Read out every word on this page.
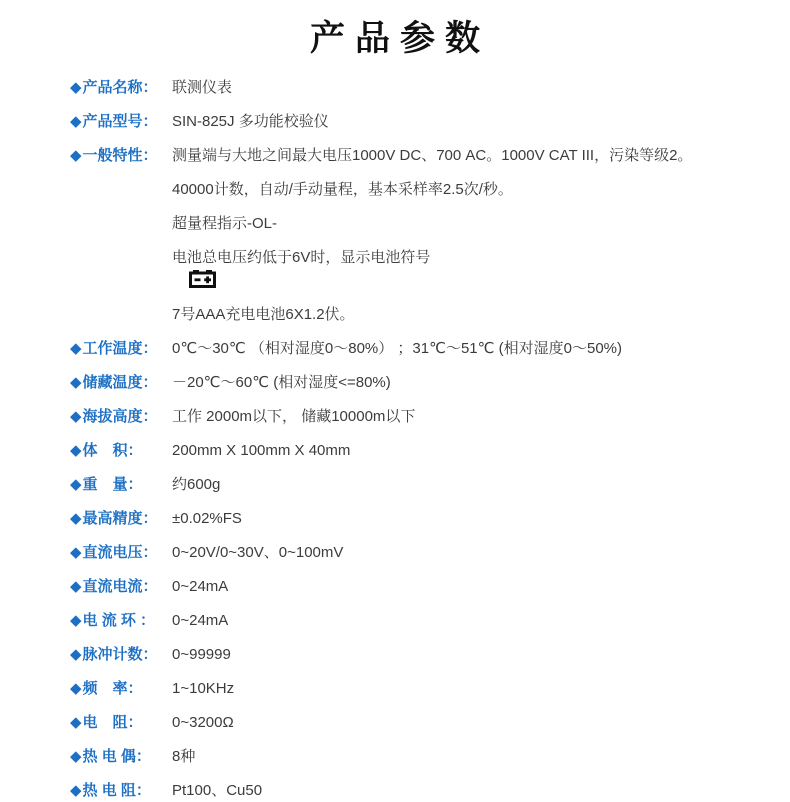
产品参数
◆ 产品名称： 联测仪表
◆ 产品型号： SIN-825J 多功能校验仪
◆ 一般特性： 测量端与大地之间最大电压1000V DC、700 AC。1000V CAT III，污染等级2。
40000计数，自动/手动量程，基本采样率2.5次/秒。
超量程指示-OL-
电池总电压约低于6V时，显示电池符号

7号AAA充电电池6X1.2伏。
◆ 工作温度： 0℃～30℃ （相对湿度0～80%） ；31℃～51℃ (相对湿度0～50%)
◆ 储藏温度： －20℃～60℃ (相对湿度<=80%)
◆ 海拔高度： 工作 2000m以下， 储藏10000m以下
◆ 体　积： 200mm X 100mm X 40mm
◆ 重　量： 约600g
◆ 最高精度： ±0.02%FS
◆ 直流电压： 0~20V/0~30V、0~100mV
◆ 直流电流： 0~24mA
◆ 电 流 环 ： 0~24mA
◆ 脉冲计数： 0~99999
◆ 频　率： 1~10KHz
◆ 电　阻： 0~3200Ω
◆ 热 电 偶： 8种
◆ 热 电 阻： Pt100、Cu50
